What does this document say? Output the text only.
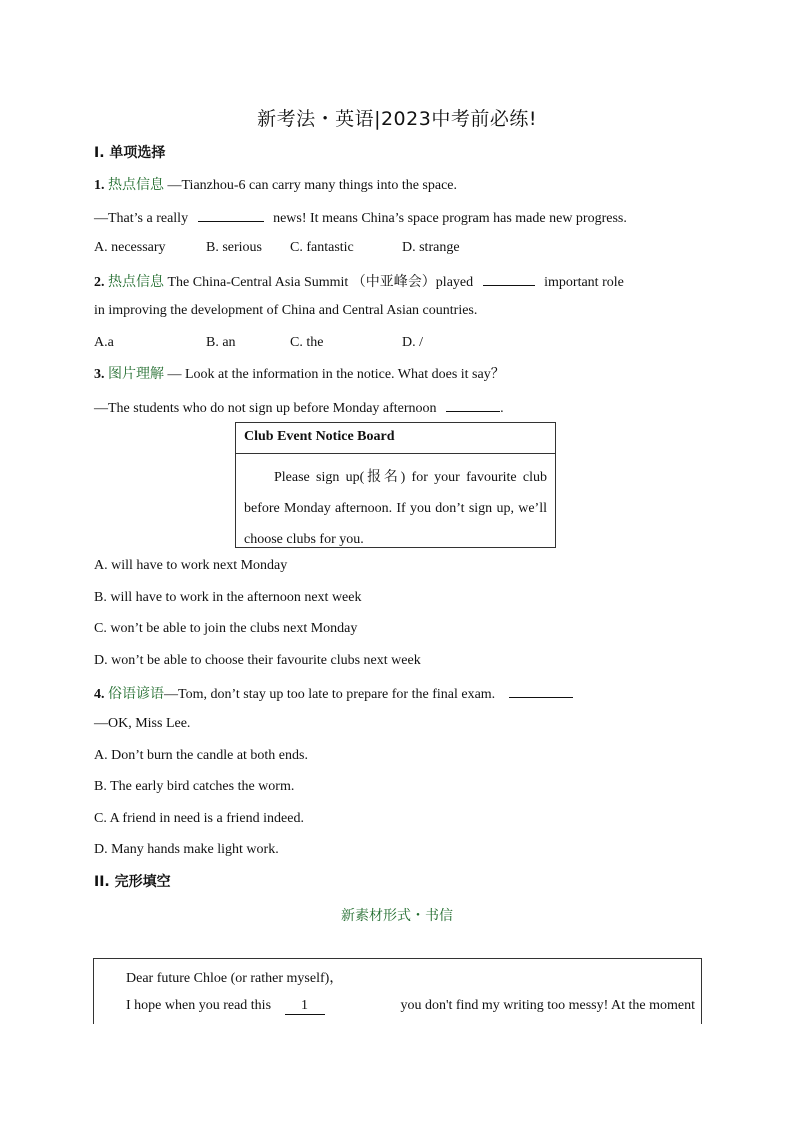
新考法・英语|2023中考前必练!
Ⅰ. 单项选择
1. 热点信息 —Tianzhou-6 can carry many things into the space.
—That’s a really	news! It means China’s space program has made new progress.
A. necessary	B. serious C. fantastic	D. strange
2. 热点信息 The China-Central Asia Summit （中亚峰会）played	important role
in improving the development of China and Central Asian countries.
A.a	B. an	C. the	D. /
3. 图片理解 — Look at the information in the notice. What does it say？
—The students who do not sign up before Monday afternoon	.
Club Event Notice Board
Please sign up(报名) for your favourite club before Monday afternoon. If you don’t sign up, we’ll choose clubs for you.
A. will have to work next Monday
B. will have to work in the afternoon next week
C. won’t be able to join the clubs next Monday
D. won’t be able to choose their favourite clubs next week
4. 俗语谚语—Tom, don’t stay up too late to prepare for the final exam.
—OK, Miss Lee.
A. Don’t burn the candle at both ends.
B. The early bird catches the worm.
C. A friend in need is a friend indeed.
D. Many hands make light work.
II. 完形填空
新素材形式・书信
Dear future Chloe (or rather myself)，
I hope when you read this 1	you don't find my writing too messy! At the moment
